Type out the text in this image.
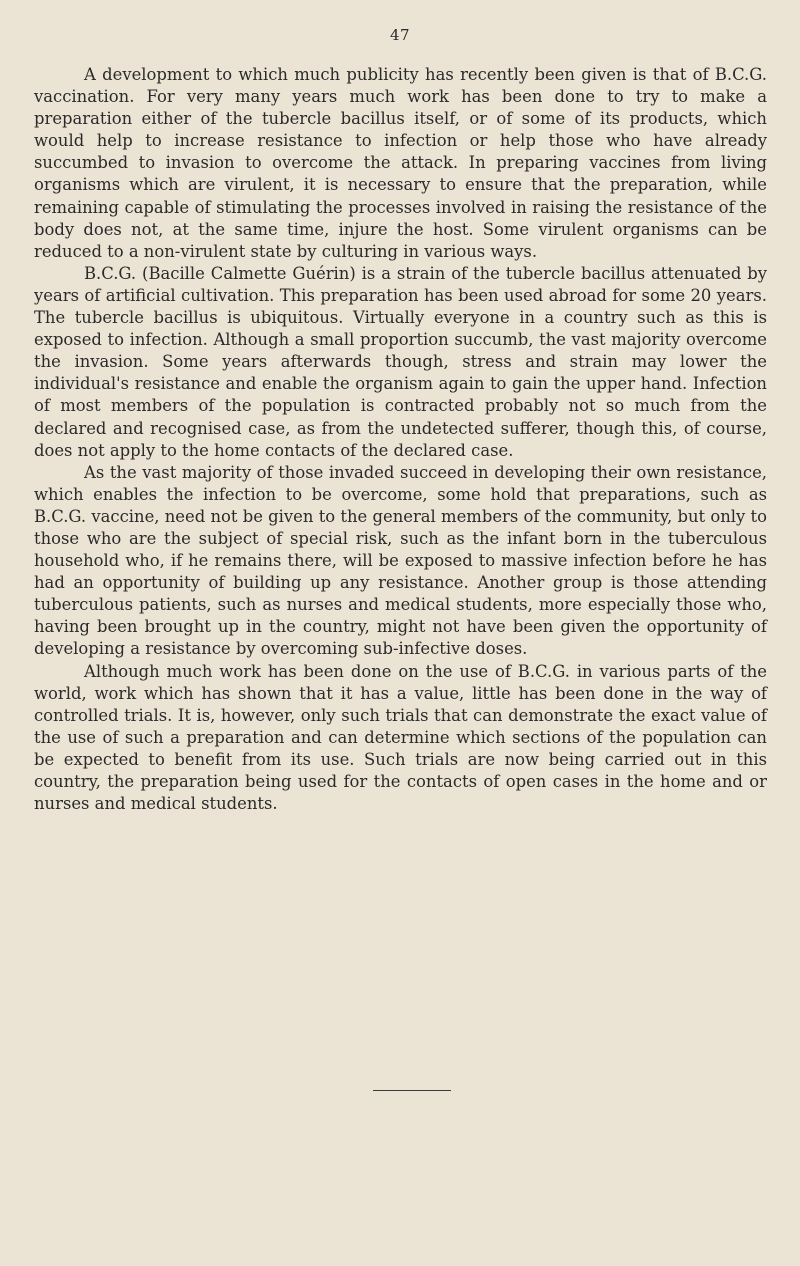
47

A development to which much publicity has recently been given is that of B.C.G. vaccination. For very many years much work has been done to try to make a preparation either of the tubercle bacillus itself, or of some of its products, which would help to increase resistance to infection or help those who have already succumbed to invasion to overcome the attack. In preparing vaccines from living organisms which are virulent, it is necessary to ensure that the preparation, while remaining capable of stimulating the processes involved in raising the resistance of the body does not, at the same time, injure the host. Some virulent organisms can be reduced to a non-virulent state by culturing in various ways.

B.C.G. (Bacille Calmette Guérin) is a strain of the tubercle bacillus attenuated by years of artificial cultivation. This preparation has been used abroad for some 20 years. The tubercle bacillus is ubiquitous. Virtually everyone in a country such as this is exposed to infection. Although a small proportion succumb, the vast majority overcome the invasion. Some years afterwards though, stress and strain may lower the individual's resistance and enable the organism again to gain the upper hand. Infection of most members of the population is contracted probably not so much from the declared and recognised case, as from the undetected sufferer, though this, of course, does not apply to the home contacts of the declared case.

As the vast majority of those invaded succeed in developing their own resistance, which enables the infection to be overcome, some hold that preparations, such as B.C.G. vaccine, need not be given to the general members of the community, but only to those who are the subject of special risk, such as the infant born in the tuberculous household who, if he remains there, will be exposed to massive infection before he has had an opportunity of building up any resistance. Another group is those attending tuberculous patients, such as nurses and medical students, more especially those who, having been brought up in the country, might not have been given the opportunity of developing a resistance by overcoming sub-infective doses.

Although much work has been done on the use of B.C.G. in various parts of the world, work which has shown that it has a value, little has been done in the way of controlled trials. It is, however, only such trials that can demonstrate the exact value of the use of such a preparation and can determine which sections of the population can be expected to benefit from its use. Such trials are now being carried out in this country, the preparation being used for the contacts of open cases in the home and or nurses and medical students.
